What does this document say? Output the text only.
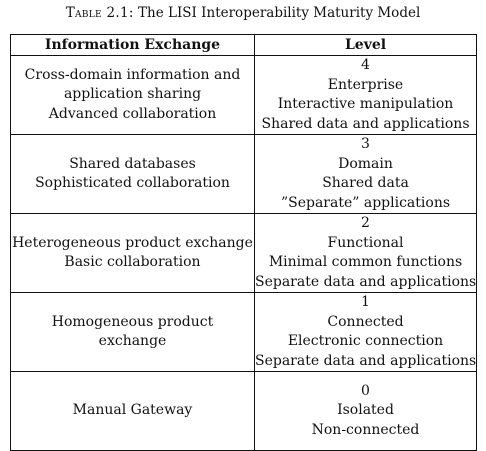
Table 2.1: The LISI Interoperability Maturity Model
Information Exchange	Level

Cross-domain information and
application sharing
Advanced collaboration	4
Enterprise
Interactive manipulation
Shared data and applications

Shared databases
Sophisticated collaboration	3
Domain
Shared data
”Separate” applications

Heterogeneous product exchange
Basic collaboration	2
Functional
Minimal common functions
Separate data and applications

Homogeneous product
exchange	1
Connected
Electronic connection
Separate data and applications

Manual Gateway	0
Isolated
Non-connected
